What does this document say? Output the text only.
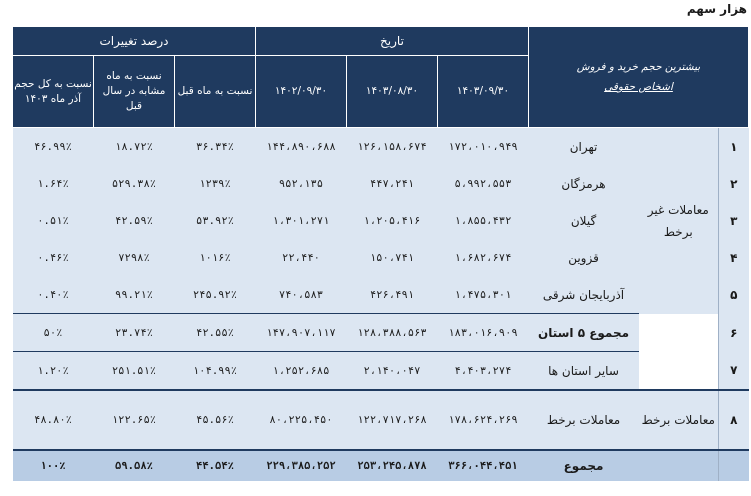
هزار سهم
بیشترین حجم خرید و فروش
اشخاص حقوقی			تاریخ			درصد تغییرات		
			۱۴۰۳/۰۹/۳۰	۱۴۰۳/۰۸/۳۰	۱۴۰۲/۰۹/۳۰	نسبت به ماه قبل	نسبت به ماه مشابه در سال قبل	نسبت به کل حجم آذر ماه ۱۴۰۳
۱	معاملات غیر برخط	تهران	۱۷۲،۰۱۰،۹۴۹	۱۲۶،۱۵۸،۶۷۴	۱۴۴،۸۹۰،۶۸۸	۳۶.۳۴٪	۱۸.۷۲٪	۴۶.۹۹٪
۲		هرمزگان	۵،۹۹۲،۵۵۳	۴۴۷،۲۴۱	۹۵۲،۱۳۵	۱۲۳۹٪	۵۲۹.۳۸٪	۱.۶۴٪
۳		گیلان	۱،۸۵۵،۴۳۲	۱،۲۰۵،۴۱۶	۱،۳۰۱،۲۷۱	۵۳.۹۲٪	۴۲.۵۹٪	۰.۵۱٪
۴		قزوین	۱،۶۸۲،۶۷۴	۱۵۰،۷۴۱	۲۲،۴۴۰	۱۰۱۶٪	۷۲۹۸٪	۰.۴۶٪
۵		آذربایجان شرقی	۱،۴۷۵،۳۰۱	۴۲۶،۴۹۱	۷۴۰،۵۸۳	۲۴۵.۹۲٪	۹۹.۲۱٪	۰.۴۰٪
۶		مجموع ۵ استان	۱۸۳،۰۱۶،۹۰۹	۱۲۸،۳۸۸،۵۶۳	۱۴۷،۹۰۷،۱۱۷	۴۲.۵۵٪	۲۳.۷۴٪	۵۰٪
۷		سایر استان ها	۴،۴۰۳،۲۷۴	۲،۱۴۰،۰۴۷	۱،۲۵۲،۶۸۵	۱۰۴.۹۹٪	۲۵۱.۵۱٪	۱.۲۰٪
۸	معاملات برخط	معاملات برخط	۱۷۸،۶۲۴،۲۶۹	۱۲۲،۷۱۷،۲۶۸	۸۰،۲۲۵،۴۵۰	۴۵.۵۶٪	۱۲۲.۶۵٪	۴۸.۸۰٪
		مجموع	۳۶۶،۰۴۴،۴۵۱	۲۵۳،۲۴۵،۸۷۸	۲۲۹،۳۸۵،۲۵۲	۴۴.۵۴٪	۵۹.۵۸٪	۱۰۰٪
